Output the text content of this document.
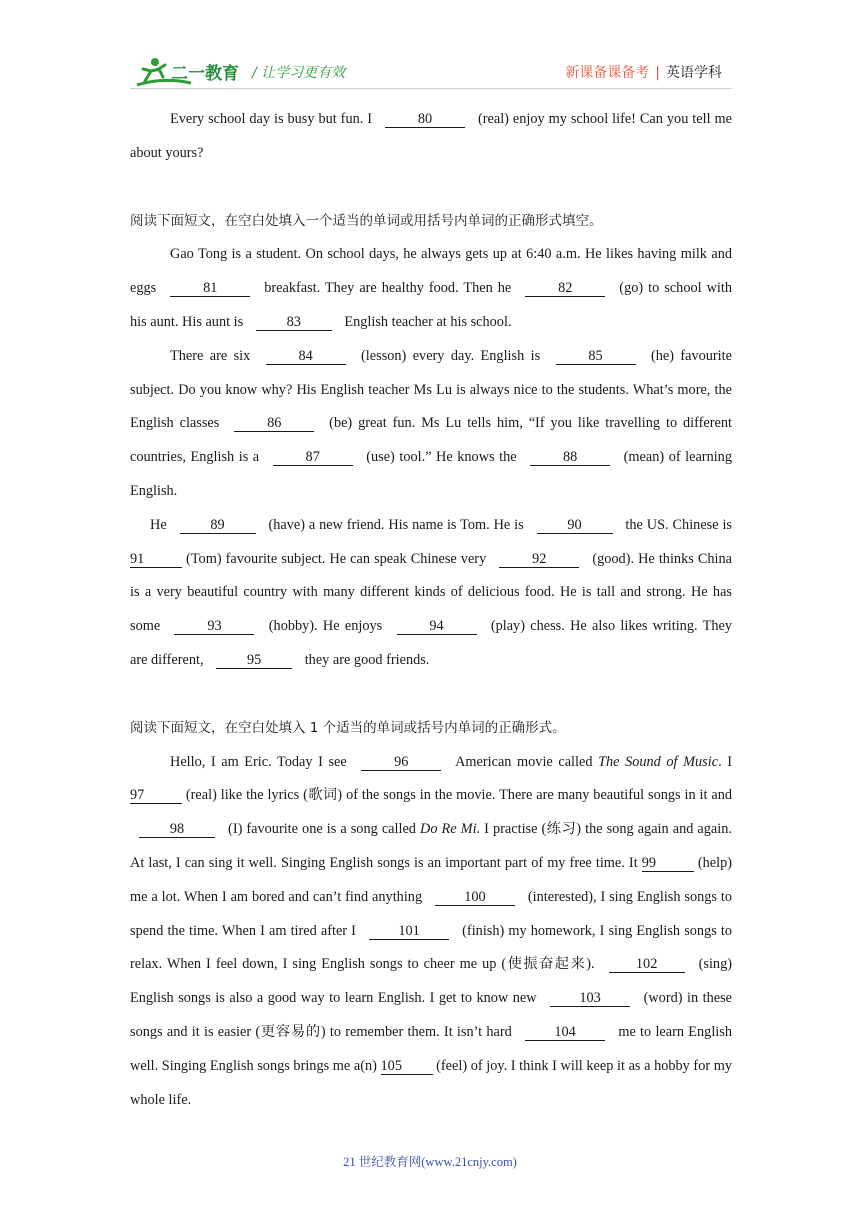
二一教育 / 让学习更有效	新课备课备考 | 英语学科

Every school day is busy but fun. I	80	(real) enjoy my school life! Can you tell me about yours?

阅读下面短文，在空白处填入一个适当的单词或用括号内单词的正确形式填空。

Gao Tong is a student. On school days, he always gets up at 6:40 a.m. He likes having milk and eggs	81	breakfast. They are healthy food. Then he	82	(go) to school with his aunt. His aunt is	83	English teacher at his school.

There are six	84	(lesson) every day. English is	85	(he) favourite subject. Do you know why? His English teacher Ms Lu is always nice to the students. What’s more, the English classes	86	(be) great fun. Ms Lu tells him, “If you like travelling to different countries, English is a	87	(use) tool.” He knows the	88	(mean) of learning English.

He	89	(have) a new friend. His name is Tom. He is	90	the US. Chinese is 91	(Tom) favourite subject. He can speak Chinese very	92	(good). He thinks China is a very beautiful country with many different kinds of delicious food. He is tall and strong. He has some	93	(hobby). He enjoys	94	(play) chess. He also likes writing. They are different,	95	they are good friends.

阅读下面短文，在空白处填入 1 个适当的单词或括号内单词的正确形式。

Hello, I am Eric. Today I see	96	American movie called The Sound of Music. I 97	(real) like the lyrics (歌词) of the songs in the movie. There are many beautiful songs in it and 98	(I) favourite one is a song called Do Re Mi. I practise (练习) the song again and again. At last, I can sing it well. Singing English songs is an important part of my free time. It 99	(help) me a lot. When I am bored and can’t find anything	100	(interested), I sing English songs to spend the time. When I am tired after I	101	(finish) my homework, I sing English songs to relax. When I feel down, I sing English songs to cheer me up (使振奋起来).	102	(sing) English songs is also a good way to learn English. I get to know new	103	(word) in these songs and it is easier (更容易的) to remember them. It isn’t hard	104	me to learn English well. Singing English songs brings me a(n) 105 (feel) of joy. I think I will keep it as a hobby for my whole life.

21 世纪教育网(www.21cnjy.com)
